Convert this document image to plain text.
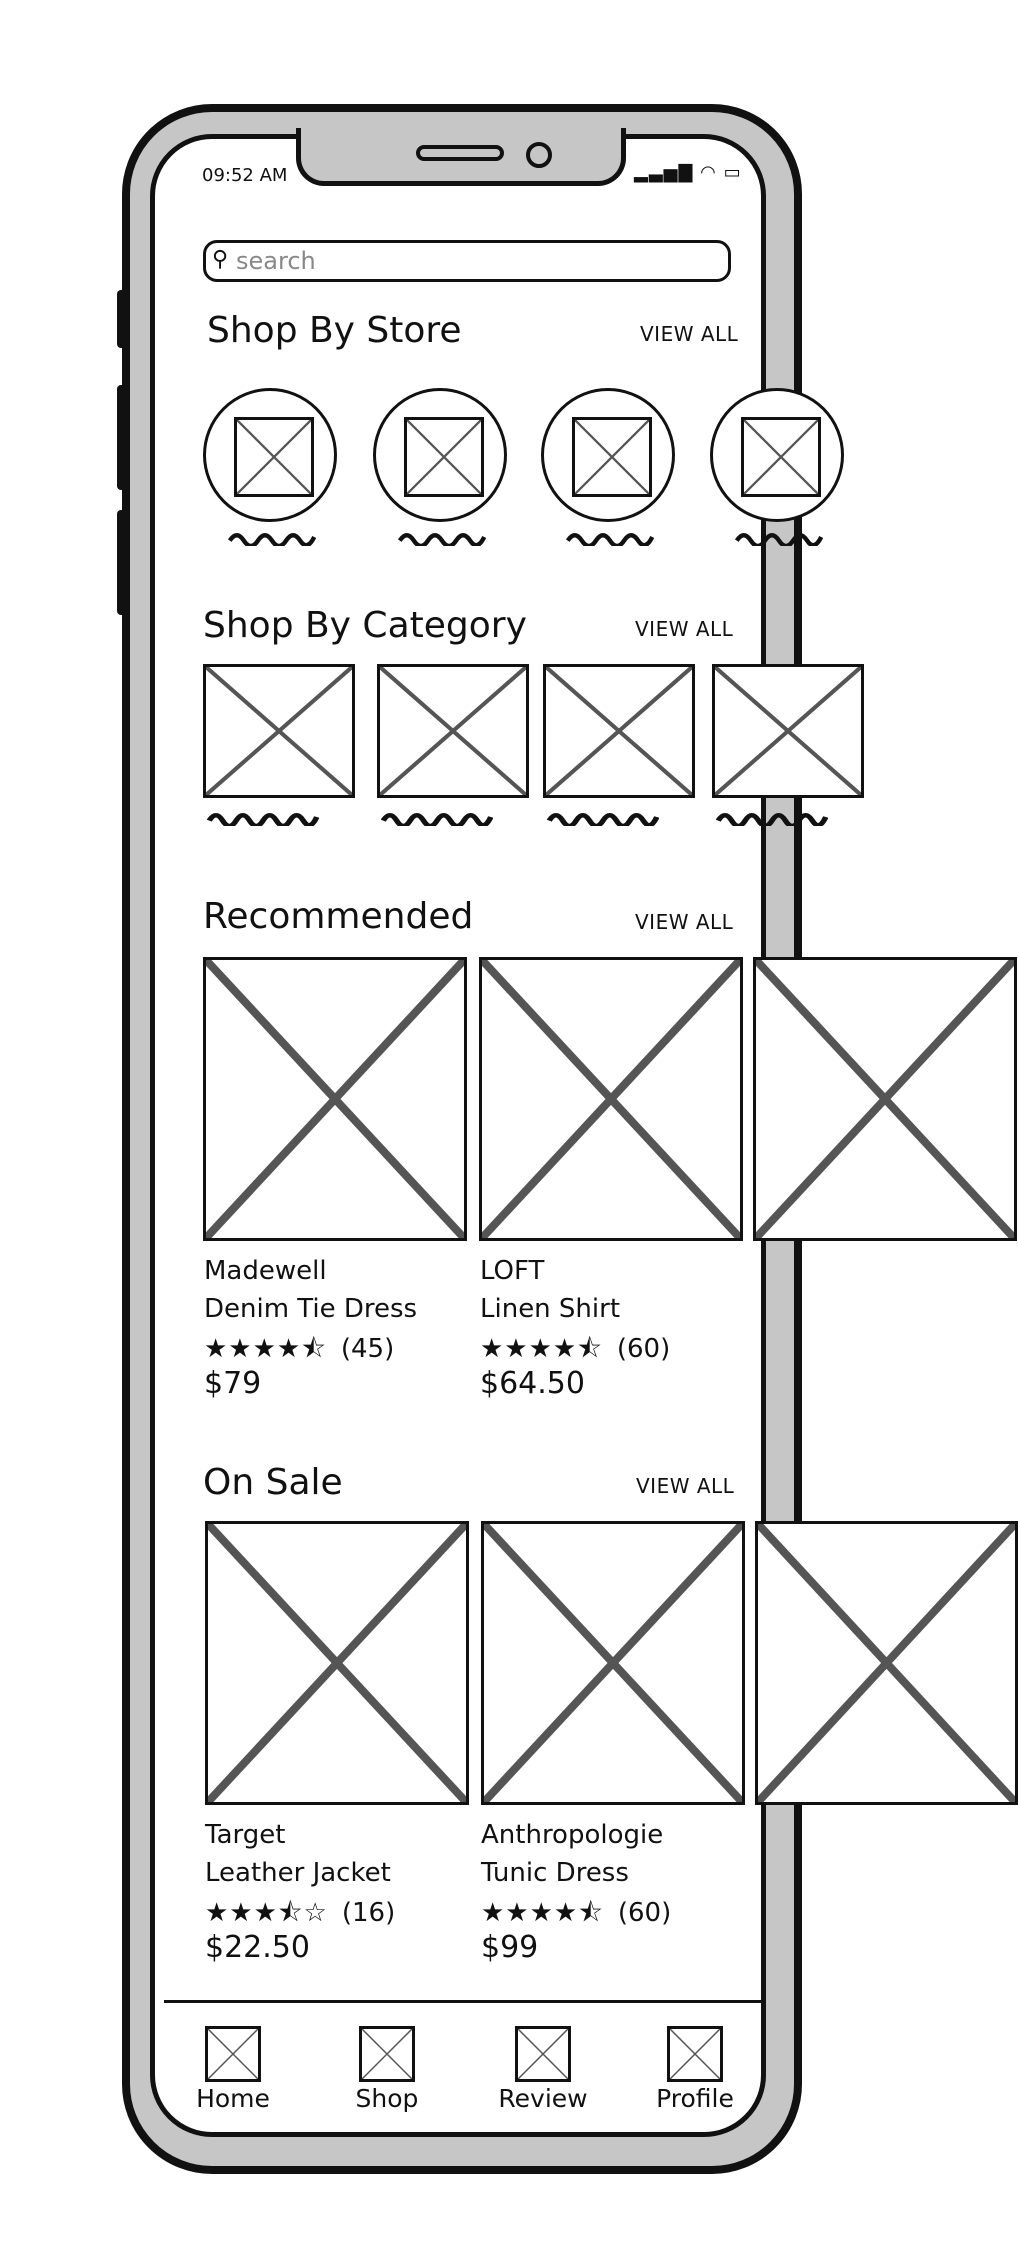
09:52 AM	▂▃▅▇ ◠ ▭
⚲
search
Shop By Store	VIEW ALL
Shop By Category	VIEW ALL
Recommended	VIEW ALL
Madewell
Denim Tie Dress
★★★★⯪ (45)
$79
LOFT
Linen Shirt
★★★★⯪ (60)
$64.50
On Sale	VIEW ALL
Target
Leather Jacket
★★★⯪☆ (16)
$22.50
Anthropologie
Tunic Dress
★★★★⯪ (60)
$99
Home	Shop	Review	Profile
